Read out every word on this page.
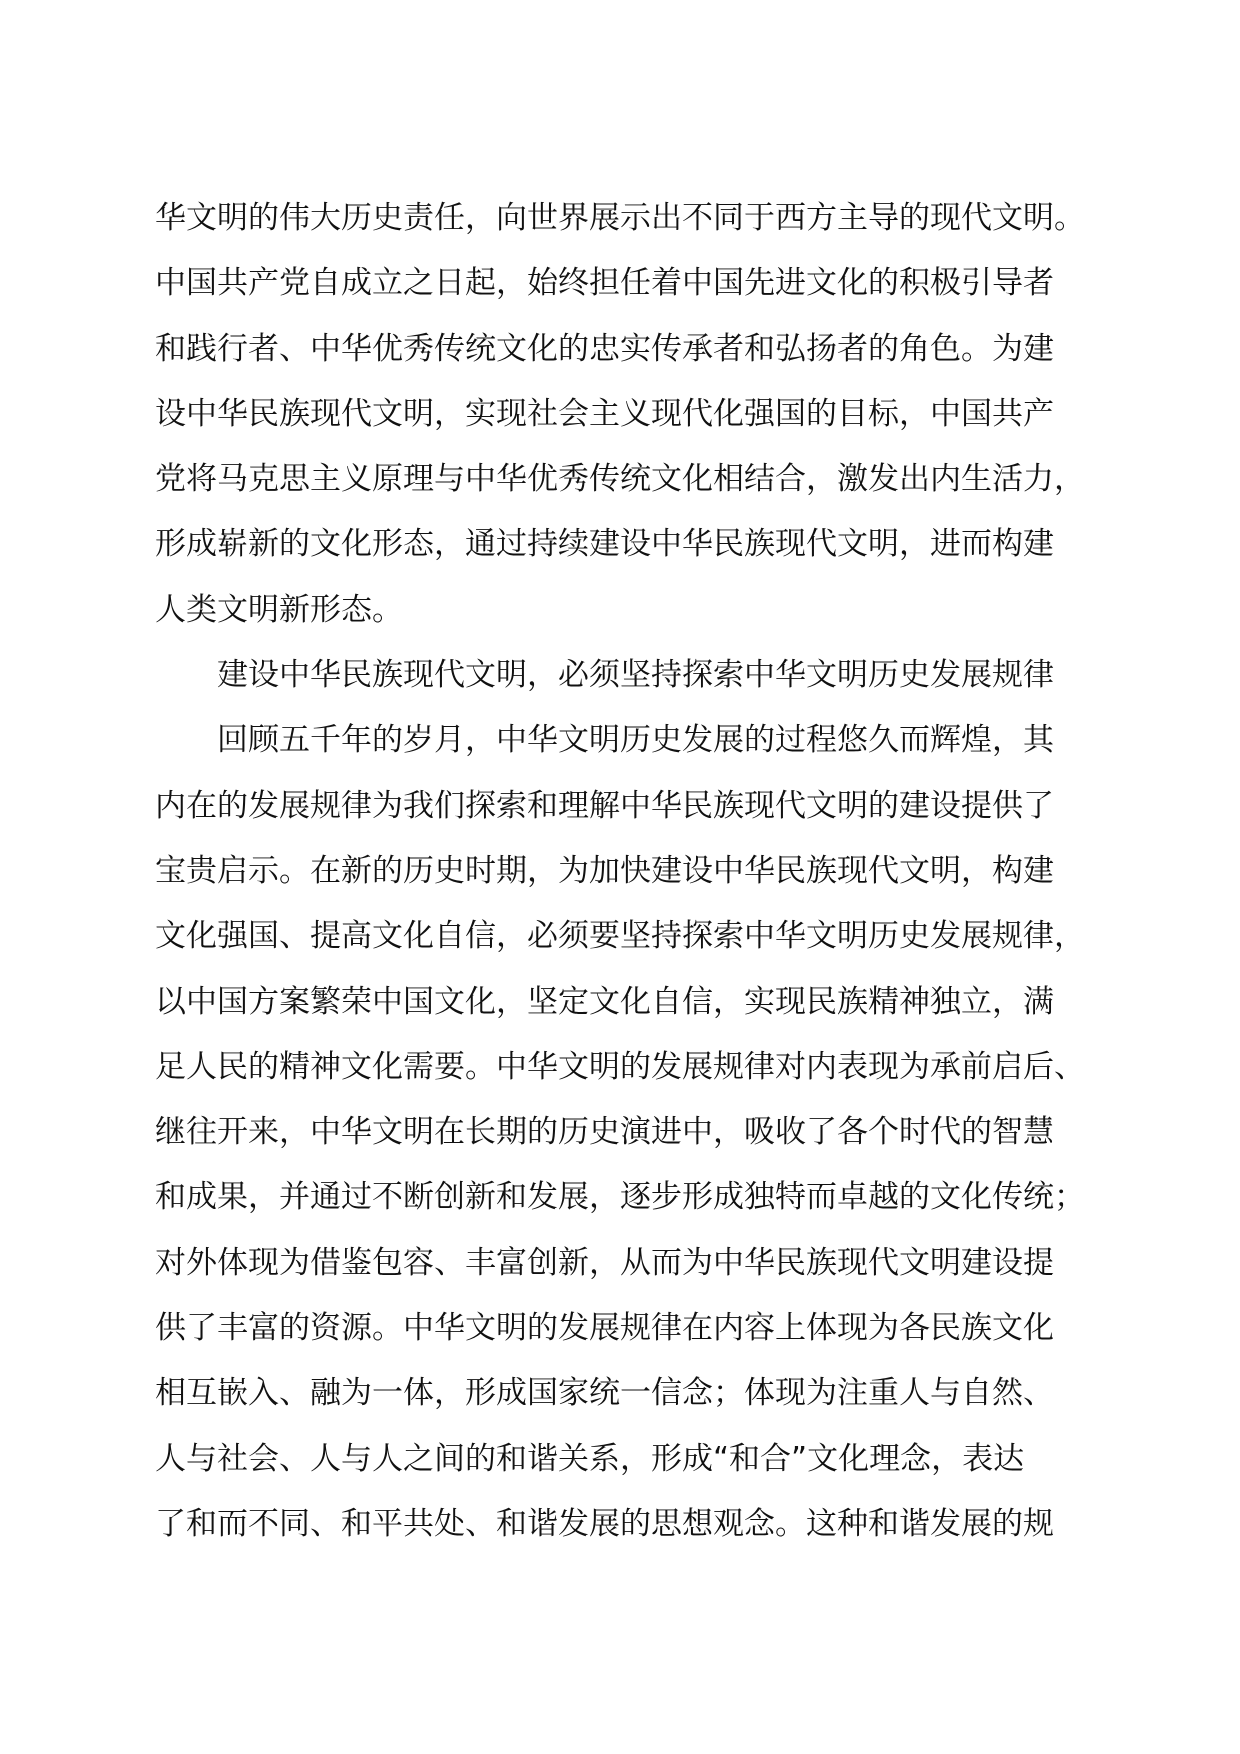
华文明的伟大历史责任，向世界展示出不同于西方主导的现代文明。
中国共产党自成立之日起，始终担任着中国先进文化的积极引导者
和践行者、中华优秀传统文化的忠实传承者和弘扬者的角色。为建
设中华民族现代文明，实现社会主义现代化强国的目标，中国共产
党将马克思主义原理与中华优秀传统文化相结合，激发出内生活力，
形成崭新的文化形态，通过持续建设中华民族现代文明，进而构建
人类文明新形态。
建设中华民族现代文明，必须坚持探索中华文明历史发展规律
回顾五千年的岁月，中华文明历史发展的过程悠久而辉煌，其
内在的发展规律为我们探索和理解中华民族现代文明的建设提供了
宝贵启示。在新的历史时期，为加快建设中华民族现代文明，构建
文化强国、提高文化自信，必须要坚持探索中华文明历史发展规律，
以中国方案繁荣中国文化，坚定文化自信，实现民族精神独立，满
足人民的精神文化需要。中华文明的发展规律对内表现为承前启后、
继往开来，中华文明在长期的历史演进中，吸收了各个时代的智慧
和成果，并通过不断创新和发展，逐步形成独特而卓越的文化传统；
对外体现为借鉴包容、丰富创新，从而为中华民族现代文明建设提
供了丰富的资源。中华文明的发展规律在内容上体现为各民族文化
相互嵌入、融为一体，形成国家统一信念；体现为注重人与自然、
人与社会、人与人之间的和谐关系，形成“和合”文化理念，表达
了和而不同、和平共处、和谐发展的思想观念。这种和谐发展的规
